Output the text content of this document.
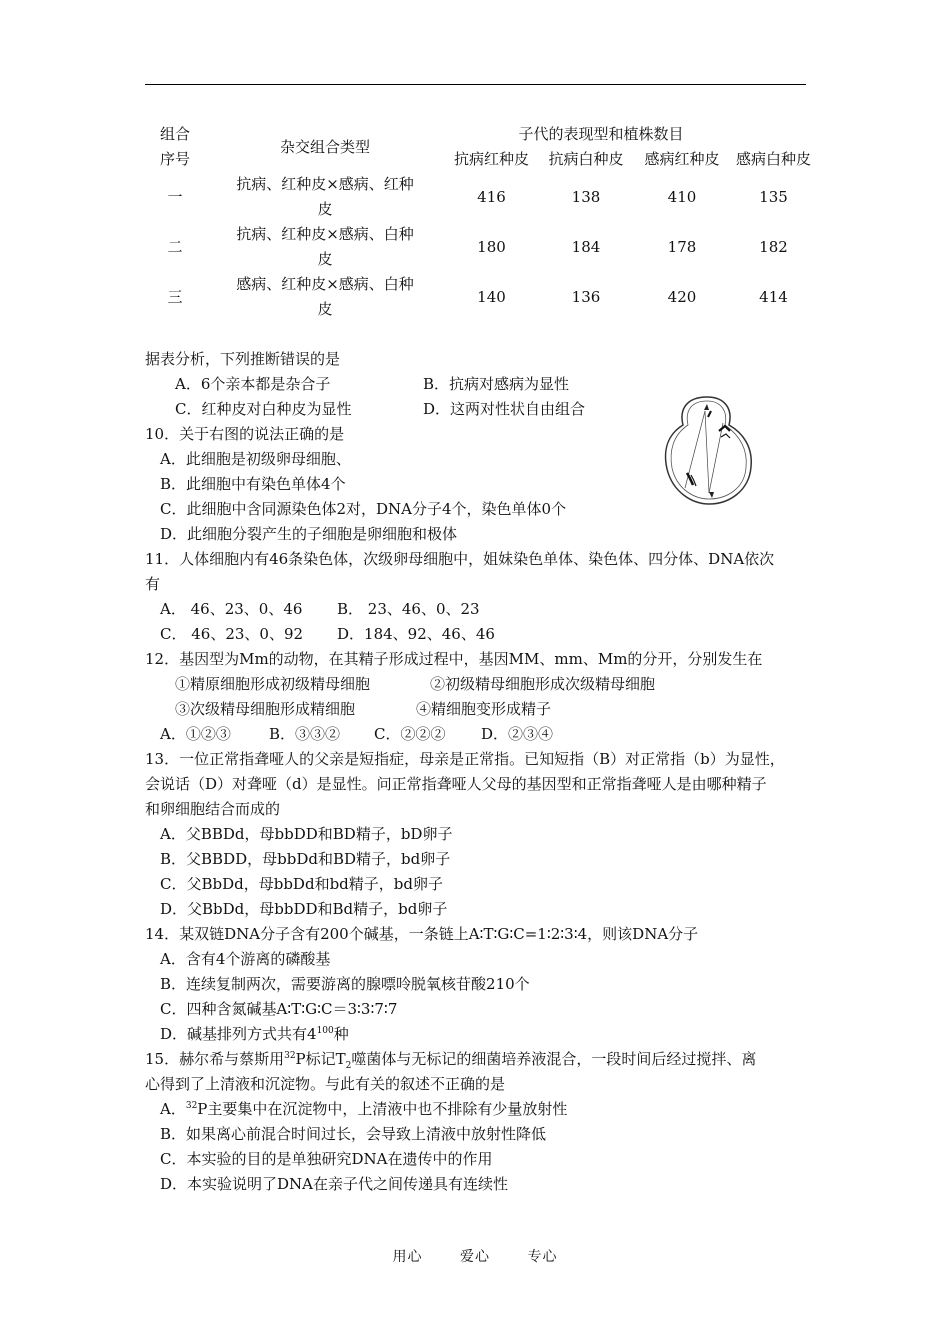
组合序号	杂交组合类型	子代的表现型和植株数目			

		抗病红种皮	抗病白种皮	感病红种皮	感病白种皮

一	抗病、红种皮×感病、红种皮	416	138	410	135
二	抗病、红种皮×感病、白种皮	180	184	178	182
三	感病、红种皮×感病、白种皮	140	136	420	414
据表分析，下列推断错误的是
A．6个亲本都是杂合子	B．抗病对感病为显性
C．红种皮对白种皮为显性	D．这两对性状自由组合
10．关于右图的说法正确的是
A．此细胞是初级卵母细胞、
B．此细胞中有染色单体4个
C．此细胞中含同源染色体2对，DNA分子4个，染色单体0个
D．此细胞分裂产生的子细胞是卵细胞和极体
11．人体细胞内有46条染色体，次级卵母细胞中，姐妹染色单体、染色体、四分体、DNA依次
有
A． 46、23、0、46 B． 23、46、0、23
C． 46、23、0、92 D．184、92、46、46
12．基因型为Mm的动物，在其精子形成过程中，基因MM、mm、Mm的分开，分别发生在
①精原细胞形成初级精母细胞	②初级精母细胞形成次级精母细胞
③次级精母细胞形成精细胞	④精细胞变形成精子
A．①②③	B．③③② C．②②② D．②③④
13．一位正常指聋哑人的父亲是短指症，母亲是正常指。已知短指（B）对正常指（b）为显性，
会说话（D）对聋哑（d）是显性。问正常指聋哑人父母的基因型和正常指聋哑人是由哪种精子
和卵细胞结合而成的
A．父BBDd，母bbDD和BD精子，bD卵子
B．父BBDD，母bbDd和BD精子，bd卵子
C．父BbDd，母bbDd和bd精子，bd卵子
D．父BbDd，母bbDD和Bd精子，bd卵子
14．某双链DNA分子含有200个碱基，一条链上A∶T∶G∶C=1∶2∶3∶4，则该DNA分子
A．含有4个游离的磷酸基
B．连续复制两次，需要游离的腺嘌呤脱氧核苷酸210个
C．四种含氮碱基A∶T∶G∶C＝3∶3∶7∶7
D．碱基排列方式共有$4^{100}$种
15．赫尔希与蔡斯用$^{32}$P标记$T_2$噬菌体与无标记的细菌培养液混合，一段时间后经过搅拌、离
心得到了上清液和沉淀物。与此有关的叙述不正确的是
A．$^{32}$P主要集中在沉淀物中，上清液中也不排除有少量放射性
B．如果离心前混合时间过长，会导致上清液中放射性降低
C．本实验的目的是单独研究DNA在遗传中的作用
D．本实验说明了DNA在亲子代之间传递具有连续性
用心	爱心	专心
